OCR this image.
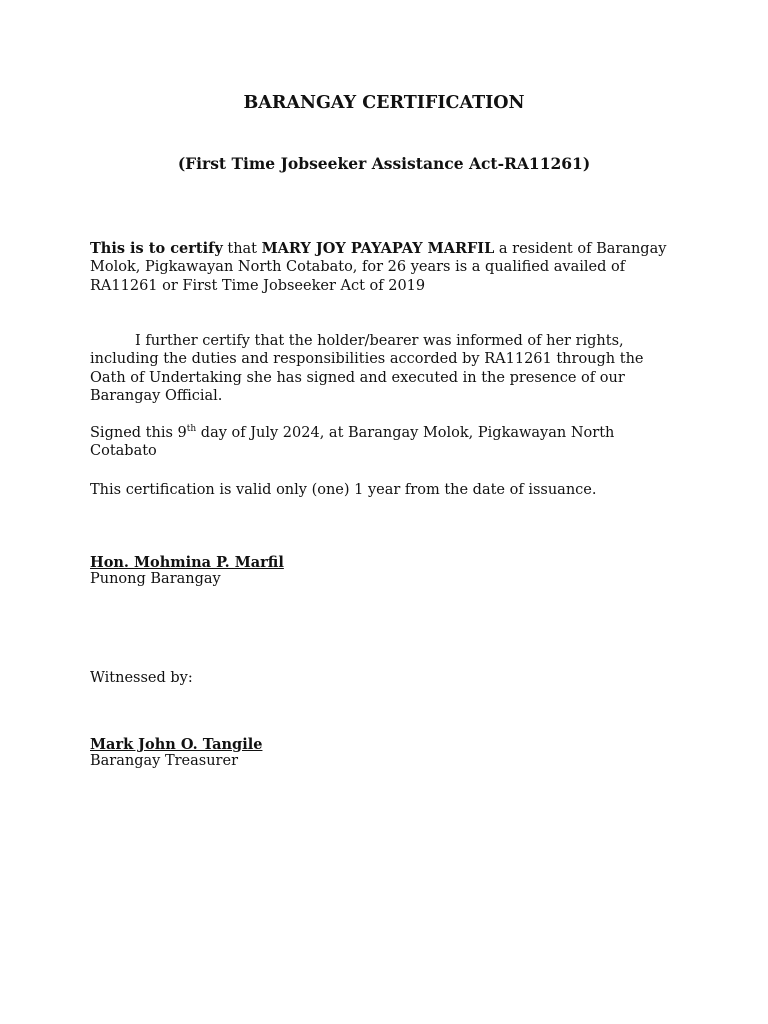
BARANGAY CERTIFICATION
(First Time Jobseeker Assistance Act-RA11261)

This is to certify that MARY JOY PAYAPAY MARFIL a resident of Barangay Molok, Pigkawayan North Cotabato, for 26 years is a qualified availed of RA11261 or First Time Jobseeker Act of 2019

I further certify that the holder/bearer was informed of her rights, including the duties and responsibilities accorded by RA11261 through the Oath of Undertaking she has signed and executed in the presence of our Barangay Official.

Signed this 9th day of July 2024, at Barangay Molok, Pigkawayan North Cotabato

This certification is valid only (one) 1 year from the date of issuance.

Hon. Mohmina P. Marfil
Punong Barangay
Witnessed by:
Mark John O. Tangile
Barangay Treasurer
